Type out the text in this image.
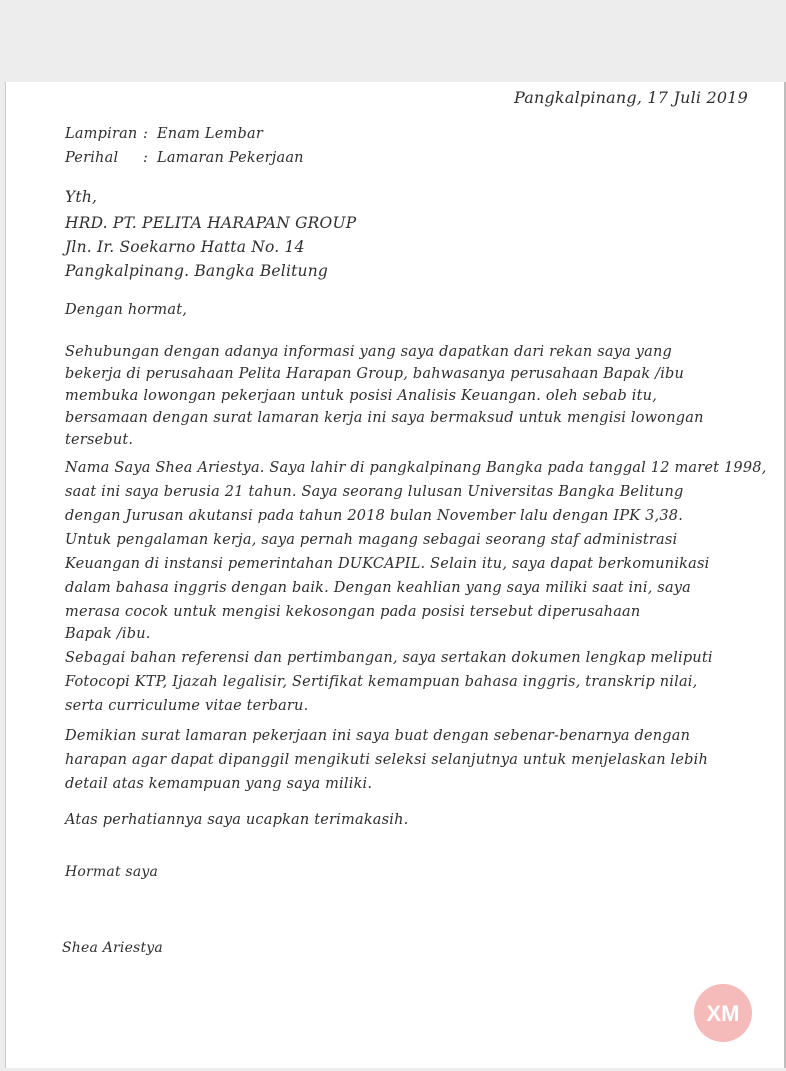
Pangkalpinang, 17 Juli 2019
Lampiran : Enam Lembar
Perihal	: Lamaran Pekerjaan
Yth,
HRD. PT. PELITA HARAPAN GROUP
Jln. Ir. Soekarno Hatta No. 14
Pangkalpinang. Bangka Belitung
Dengan hormat,
Sehubungan dengan adanya informasi yang saya dapatkan dari rekan saya yang
bekerja di perusahaan Pelita Harapan Group, bahwasanya perusahaan Bapak /ibu
membuka lowongan pekerjaan untuk posisi Analisis Keuangan. oleh sebab itu,
bersamaan dengan surat lamaran kerja ini saya bermaksud untuk mengisi lowongan
tersebut.
Nama Saya Shea Ariestya. Saya lahir di pangkalpinang Bangka pada tanggal 12 maret 1998,
saat ini saya berusia 21 tahun. Saya seorang lulusan Universitas Bangka Belitung
dengan Jurusan akutansi pada tahun 2018 bulan November lalu dengan IPK 3,38.
Untuk pengalaman kerja, saya pernah magang sebagai seorang staf administrasi
Keuangan di instansi pemerintahan DUKCAPIL. Selain itu, saya dapat berkomunikasi
dalam bahasa inggris dengan baik. Dengan keahlian yang saya miliki saat ini, saya
merasa cocok untuk mengisi kekosongan pada posisi tersebut diperusahaan
Bapak /ibu.
Sebagai bahan referensi dan pertimbangan, saya sertakan dokumen lengkap meliputi
Fotocopi KTP, Ijazah legalisir, Sertifikat kemampuan bahasa inggris, transkrip nilai,
serta curriculume vitae terbaru.
Demikian surat lamaran pekerjaan ini saya buat dengan sebenar-benarnya dengan
harapan agar dapat dipanggil mengikuti seleksi selanjutnya untuk menjelaskan lebih
detail atas kemampuan yang saya miliki.
Atas perhatiannya saya ucapkan terimakasih.
Hormat saya
Shea Ariestya
XM
